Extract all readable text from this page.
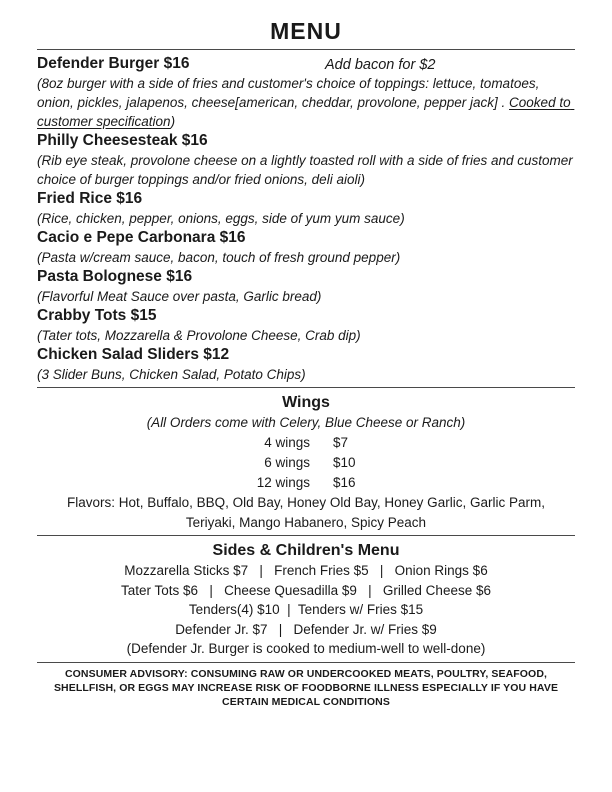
MENU
Defender Burger $16	Add bacon for $2
(8oz burger with a side of fries and customer's choice of toppings: lettuce, tomatoes, onion, pickles, jalapenos, cheese[american, cheddar, provolone, pepper jack] . Cooked to customer specification)
Philly Cheesesteak $16
(Rib eye steak, provolone cheese on a lightly toasted roll with a side of fries and customer choice of burger toppings and/or fried onions, deli aioli)
Fried Rice $16
(Rice, chicken, pepper, onions, eggs, side of yum yum sauce)
Cacio e Pepe Carbonara $16
(Pasta w/cream sauce, bacon, touch of fresh ground pepper)
Pasta Bolognese $16
(Flavorful Meat Sauce over pasta, Garlic bread)
Crabby Tots $15
(Tater tots, Mozzarella & Provolone Cheese, Crab dip)
Chicken Salad Sliders $12
(3 Slider Buns, Chicken Salad, Potato Chips)
Wings
(All Orders come with Celery, Blue Cheese or Ranch)
4 wings	$7
6 wings	$10
12 wings	$16
Flavors: Hot, Buffalo, BBQ, Old Bay, Honey Old Bay, Honey Garlic, Garlic Parm,
Teriyaki, Mango Habanero, Spicy Peach
Sides & Children's Menu
Mozzarella Sticks $7   |   French Fries $5   |   Onion Rings $6
Tater Tots $6   |   Cheese Quesadilla $9   |   Grilled Cheese $6
Tenders(4) $10  |  Tenders w/ Fries $15
Defender Jr. $7   |   Defender Jr. w/ Fries $9
(Defender Jr. Burger is cooked to medium-well to well-done)
CONSUMER ADVISORY: CONSUMING RAW OR UNDERCOOKED MEATS, POULTRY, SEAFOOD,
SHELLFISH, OR EGGS MAY INCREASE RISK OF FOODBORNE ILLNESS ESPECIALLY IF YOU HAVE
CERTAIN MEDICAL CONDITIONS
